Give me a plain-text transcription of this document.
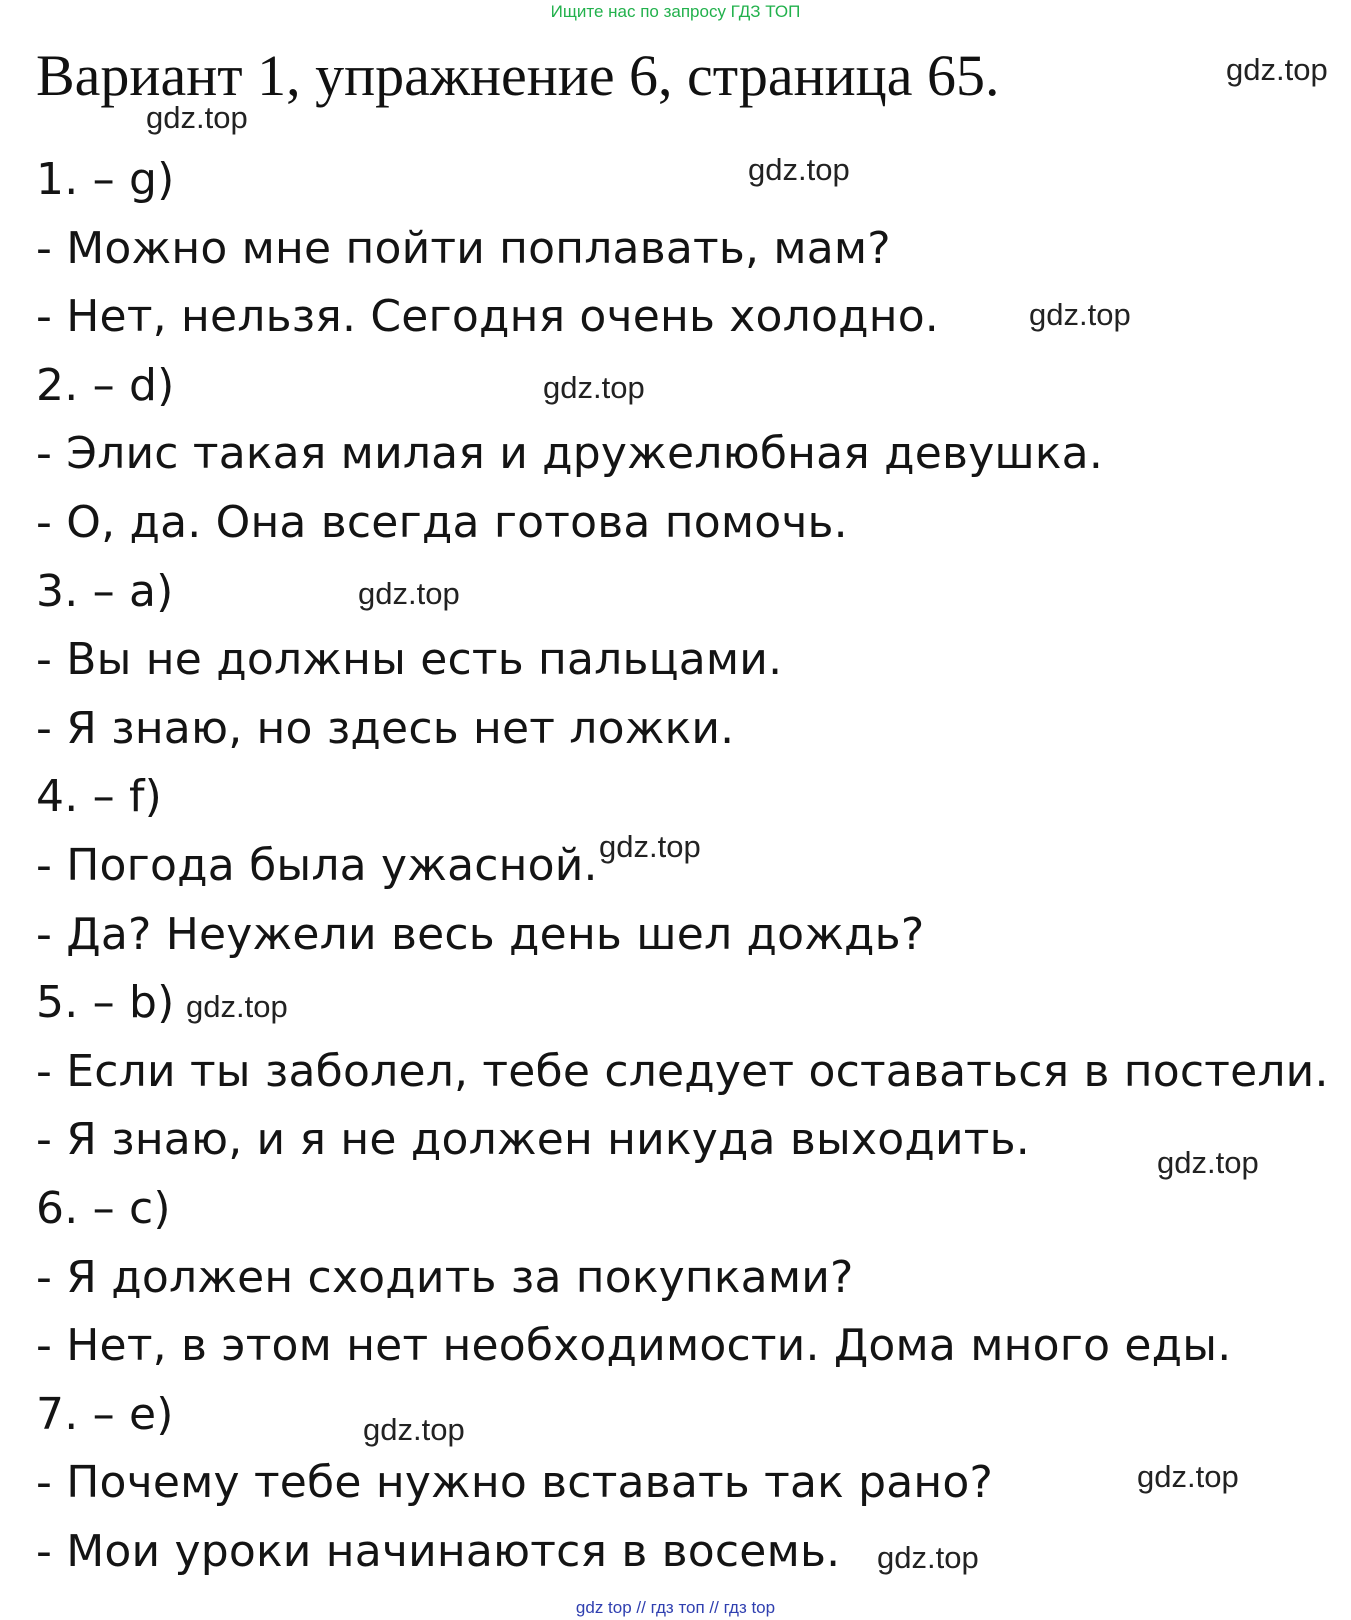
Ищите нас по запросу ГДЗ ТОП
Вариант 1, упражнение 6, страница 65.
1. – g)
- Можно мне пойти поплавать, мам?
- Нет, нельзя. Сегодня очень холодно.
2. – d)
- Элис такая милая и дружелюбная девушка.
- О, да. Она всегда готова помочь.
3. – a)
- Вы не должны есть пальцами.
- Я знаю, но здесь нет ложки.
4. – f)
- Погода была ужасной.
- Да? Неужели весь день шел дождь?
5. – b)
- Если ты заболел, тебе следует оставаться в постели.
- Я знаю, и я не должен никуда выходить.
6. – c)
- Я должен сходить за покупками?
- Нет, в этом нет необходимости. Дома много еды.
7. – e)
- Почему тебе нужно вставать так рано?
- Мои уроки начинаются в восемь.
gdz.top
gdz.top
gdz.top
gdz.top
gdz.top
gdz.top
gdz.top
gdz.top
gdz.top
gdz.top
gdz.top
gdz.top
gdz top // гдз топ // гдз top
